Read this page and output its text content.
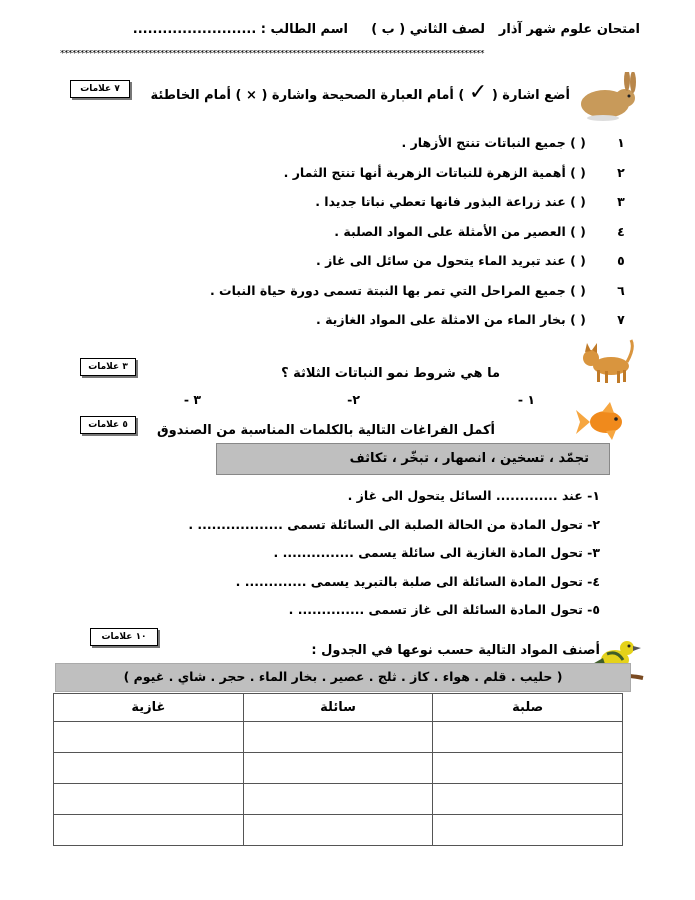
امتحان علوم شهر آذار
لصف الثاني ( ب )
اسم الطالب : .........................
**********************************************************************************************************
٧ علامات	أضع اشارة ( ✓ ) أمام العبارة الصحيحة واشارة ( × ) أمام الخاطئة
١      ( ) جميع النباتات تنتج الأزهار .
٢      ( ) أهمية الزهرة للنباتات الزهرية أنها تنتج الثمار .
٣      ( ) عند زراعة البذور فانها تعطي نباتا جديدا .
٤      ( ) العصير من الأمثلة على المواد الصلبة .
٥      ( ) عند تبريد الماء يتحول من سائل الى غاز .
٦      ( ) جميع المراحل التي تمر بها النبتة تسمى دورة حياة النبات .
٧      ( ) بخار الماء من الامثلة على المواد الغازية .
٣ علامات	ما هي شروط نمو النباتات الثلاثة ؟
١ -
٢-
٣ -
٥ علامات	أكمل الفراغات التالية بالكلمات المناسبة من الصندوق
تجمّد ، تسخين ، انصهار ، تبخّر ، تكاثف
١- عند ............. السائل يتحول الى غاز .
٢- تحول المادة من الحالة الصلبة الى السائلة تسمى .................. .
٣- تحول المادة الغازية الى سائلة يسمى ............... .
٤- تحول المادة السائلة الى صلبة بالتبريد يسمى ............. .
٥- تحول المادة السائلة الى غاز تسمى .............. .
١٠ علامات
أصنف المواد التالية حسب نوعها في الجدول :
( حليب . قلم . هواء . كاز . ثلج . عصير . بخار الماء . حجر . شاي . غيوم )
صلبة	سائلة	غازية
